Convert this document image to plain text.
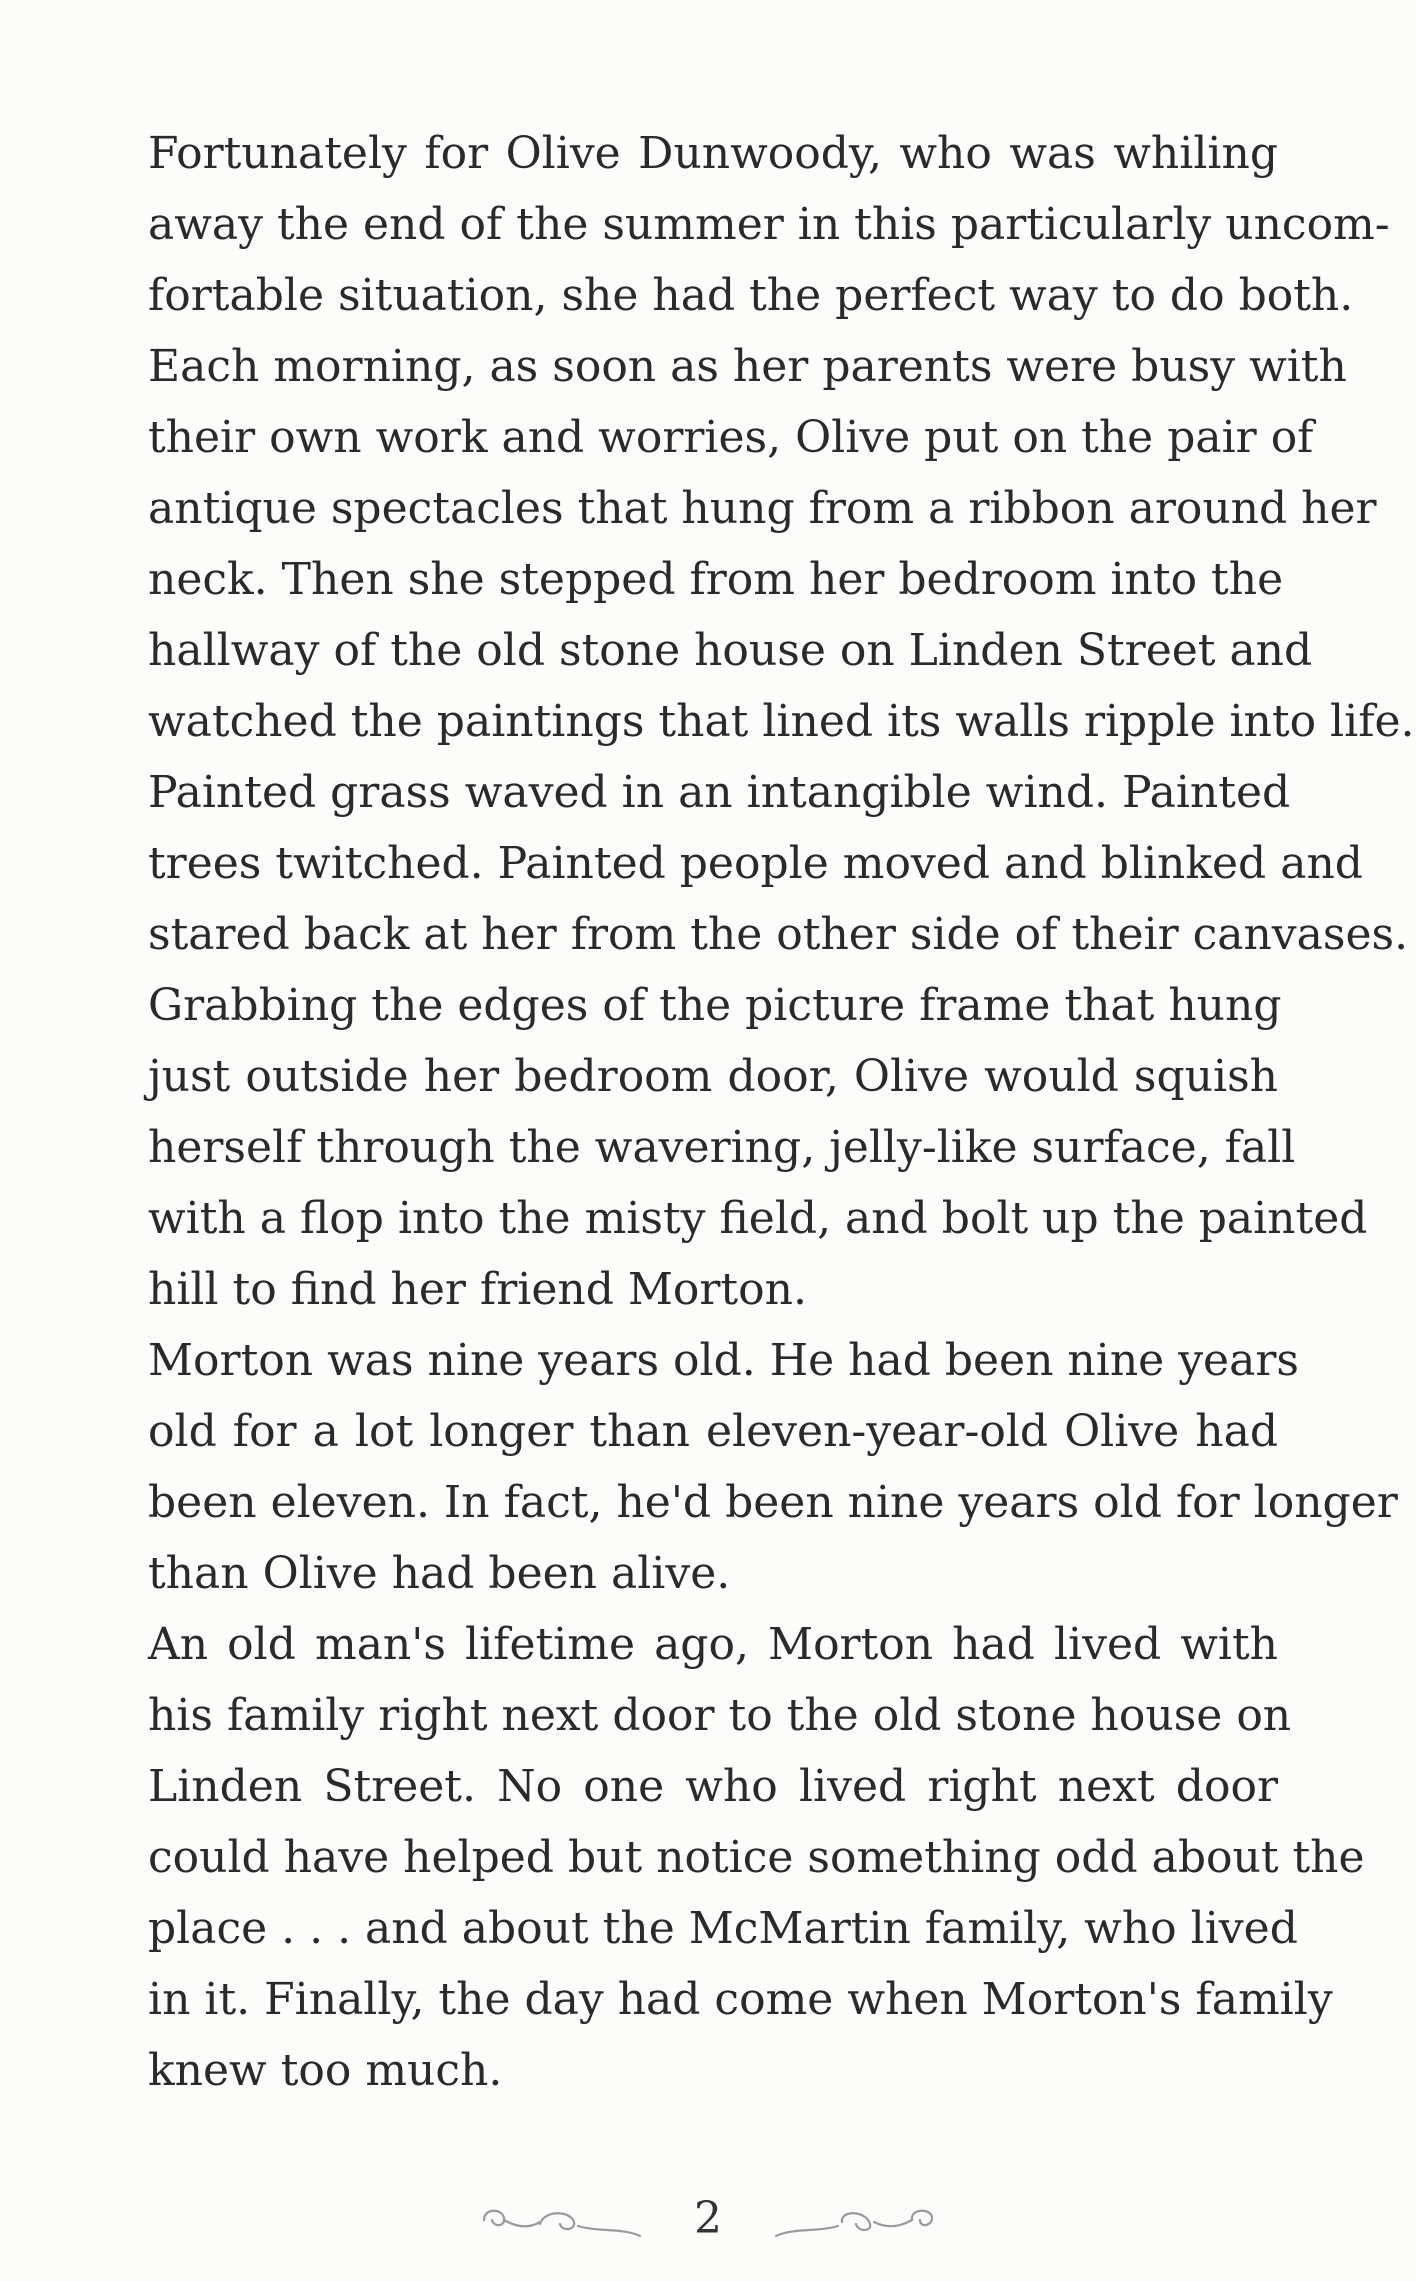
Fortunately for Olive Dunwoody, who was whiling
away the end of the summer in this particularly uncom-
fortable situation, she had the perfect way to do both.
Each morning, as soon as her parents were busy with
their own work and worries, Olive put on the pair of
antique spectacles that hung from a ribbon around her
neck. Then she stepped from her bedroom into the
hallway of the old stone house on Linden Street and
watched the paintings that lined its walls ripple into life.
Painted grass waved in an intangible wind. Painted
trees twitched. Painted people moved and blinked and
stared back at her from the other side of their canvases.
Grabbing the edges of the picture frame that hung
just outside her bedroom door, Olive would squish
herself through the wavering, jelly-like surface, fall
with a flop into the misty field, and bolt up the painted
hill to find her friend Morton.
Morton was nine years old. He had been nine years
old for a lot longer than eleven-year-old Olive had
been eleven. In fact, he'd been nine years old for longer
than Olive had been alive.
An old man's lifetime ago, Morton had lived with
his family right next door to the old stone house on
Linden Street. No one who lived right next door
could have helped but notice something odd about the
place . . . and about the McMartin family, who lived
in it. Finally, the day had come when Morton's family
knew too much.
2
